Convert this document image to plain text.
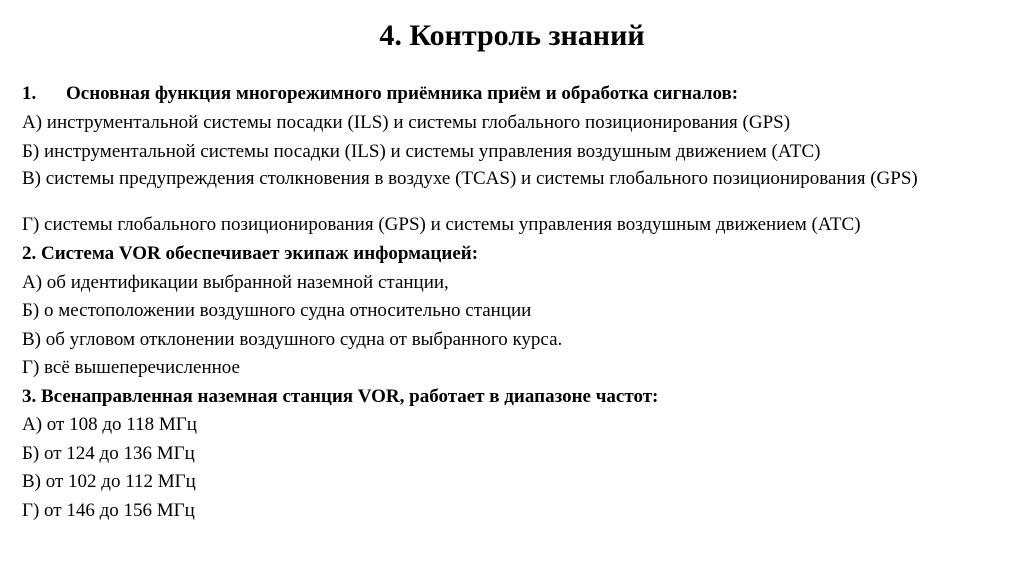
4. Контроль знаний
1. Основная функция многорежимного приёмника приём и обработка сигналов:
А) инструментальной системы посадки (ILS) и системы глобального позиционирования (GPS)
Б) инструментальной системы посадки (ILS) и системы управления воздушным движением (АТС)
В) системы предупреждения столкновения в воздухе (TCAS) и системы глобального позиционирования (GPS)
Г) системы глобального позиционирования (GPS) и системы управления воздушным движением (АТС)
2. Система VOR обеспечивает экипаж информацией:
А) об идентификации выбранной наземной станции,
Б) о местоположении воздушного судна относительно станции
В) об угловом отклонении воздушного судна от выбранного курса.
Г) всё вышеперечисленное
3. Всенаправленная наземная станция VOR, работает в диапазоне частот:
А) от 108 до 118 МГц
Б) от 124 до 136 МГц
В) от 102 до 112 МГц
Г) от 146 до 156 МГц
